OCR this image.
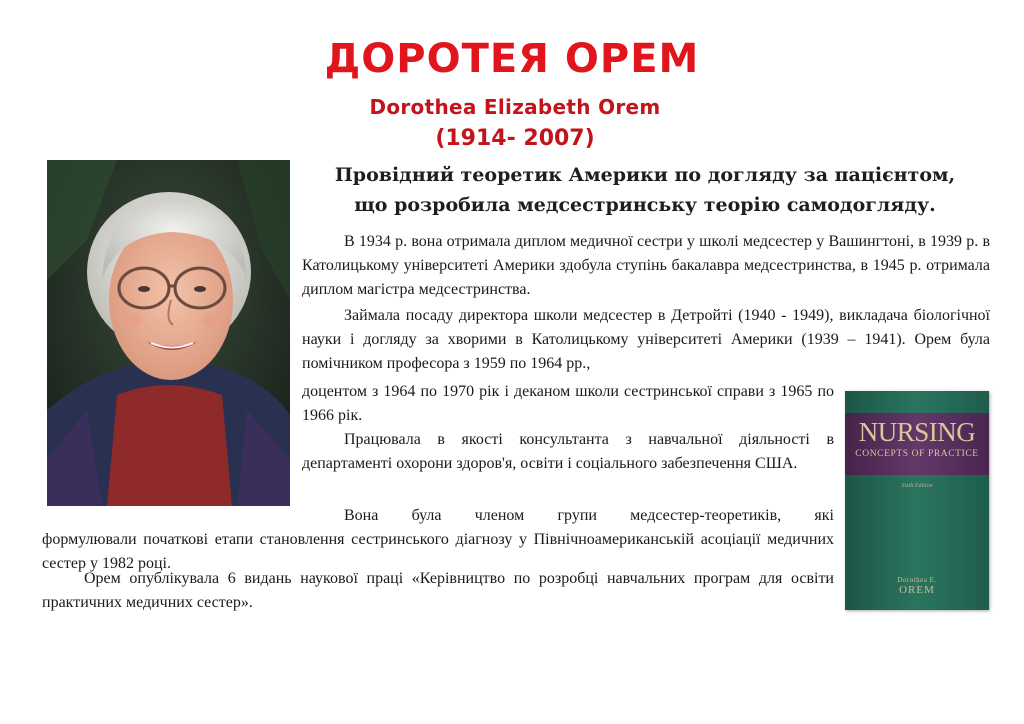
ДОРОТЕЯ ОРЕМ
Dorothea Elizabeth Orem
(1914- 2007)
Провідний теоретик Америки по догляду за пацієнтом,
що розробила медсестринську теорію самодогляду.

В 1934 р. вона отримала диплом медичної сестри у школі медсестер у Вашингтоні, в 1939 р. в Католицькому університеті Америки здобула ступінь бакалавра медсестринства, в 1945 р. отримала диплом магістра медсестринства.

Займала посаду директора школи медсестер в Детройті (1940 - 1949), викладача біологічної науки і догляду за хворими в Католицькому університеті Америки (1939 – 1941). Орем була помічником професора з 1959 по 1964 рр.,

доцентом з 1964 по 1970 рік і деканом школи сестринської справи з 1965 по 1966 рік.

Працювала в якості консультанта з навчальної діяльності в департаменті охорони здоров'я, освіти і соціального забезпечення США.

Вона була членом групи медсестер-теоретиків, які

формулювали початкові етапи становлення сестринського діагнозу у Північноамериканській асоціації медичних сестер у 1982 році.

Орем опублікувала 6 видань наукової праці «Керівництво по розробці навчальних програм для освіти практичних медичних сестер».

NURSING
CONCEPTS OF PRACTICE
Sixth Edition
Dorothea E.
OREM
